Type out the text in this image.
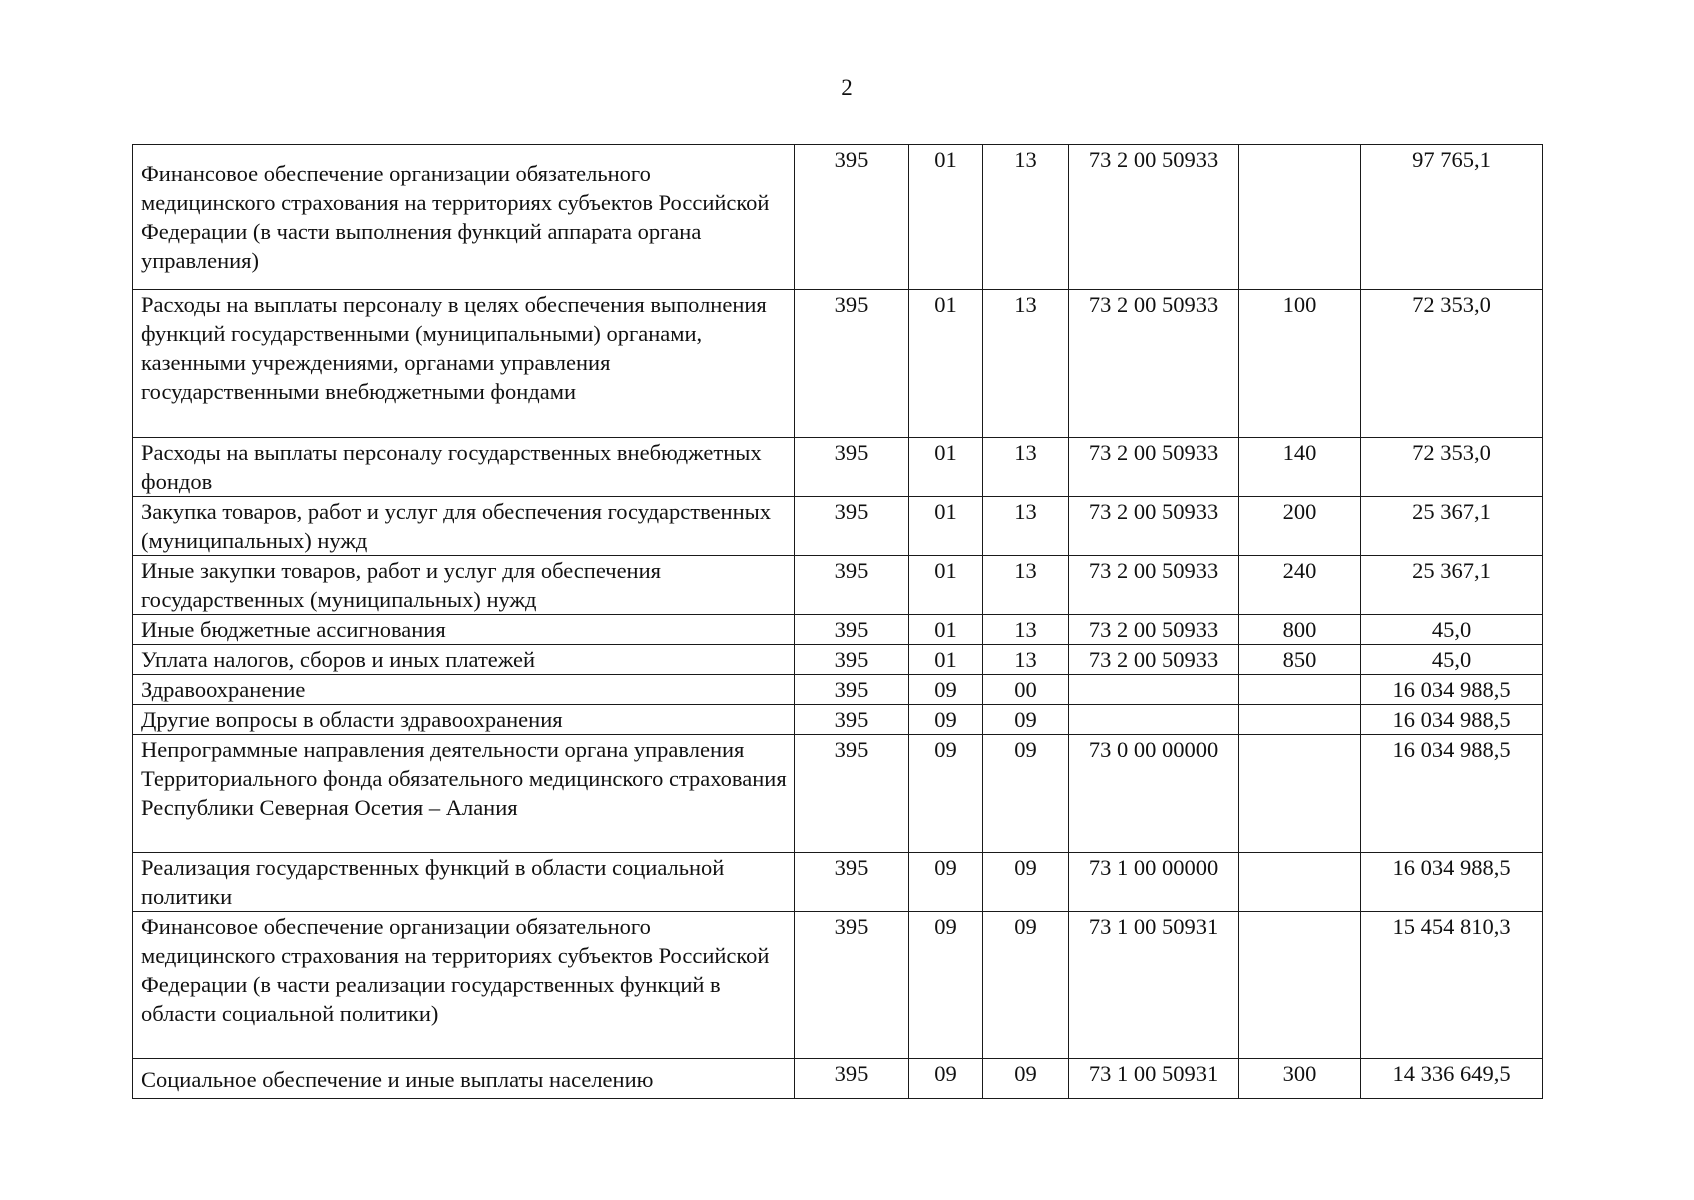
2
Финансовое обеспечение организации обязательного медицинского страхования на территориях субъектов Российской Федерации (в части выполнения функций аппарата органа управления)	395	01	13	73 2 00 50933		97 765,1
Расходы на выплаты персоналу в целях обеспечения выполнения функций государственными (муниципальными) органами, казенными учреждениями, органами управления государственными внебюджетными фондами	395	01	13	73 2 00 50933	100	72 353,0
Расходы на выплаты персоналу государственных внебюджетных фондов	395	01	13	73 2 00 50933	140	72 353,0
Закупка товаров, работ и услуг для обеспечения государственных (муниципальных) нужд	395	01	13	73 2 00 50933	200	25 367,1
Иные закупки товаров, работ и услуг для обеспечения государственных (муниципальных) нужд	395	01	13	73 2 00 50933	240	25 367,1
Иные бюджетные ассигнования	395	01	13	73 2 00 50933	800	45,0
Уплата налогов, сборов и иных платежей	395	01	13	73 2 00 50933	850	45,0
Здравоохранение	395	09	00			16 034 988,5
Другие вопросы в области здравоохранения	395	09	09			16 034 988,5
Непрограммные направления деятельности органа управления Территориального фонда обязательного медицинского страхования Республики Северная Осетия – Алания	395	09	09	73 0 00 00000		16 034 988,5
Реализация государственных функций в области социальной политики	395	09	09	73 1 00 00000		16 034 988,5
Финансовое обеспечение организации обязательного медицинского страхования на территориях субъектов Российской Федерации (в части реализации государственных функций в области социальной политики)	395	09	09	73 1 00 50931		15 454 810,3
Социальное обеспечение и иные выплаты населению	395	09	09	73 1 00 50931	300	14 336 649,5
